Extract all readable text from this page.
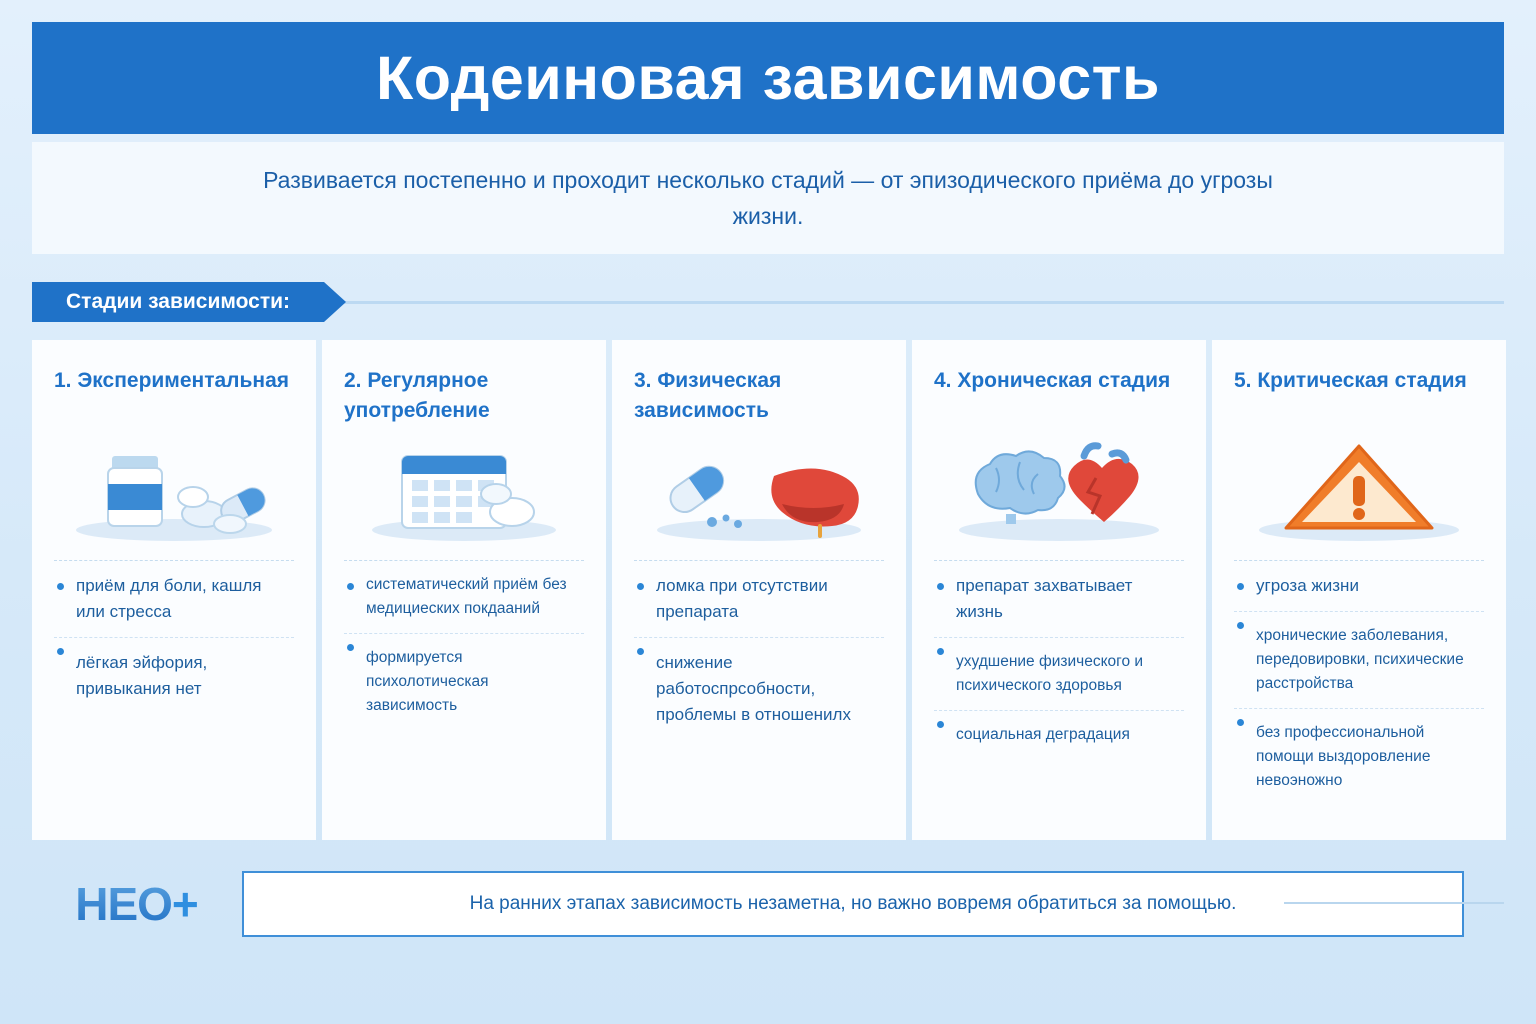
Кодеиновая зависимость
Развивается постепенно и проходит несколько стадий — от эпизодического приёма до угрозы жизни.
Стадии зависимости:
1. Экспериментальная
приём для боли, кашля или стресса
лёгкая эйфория, привыкания нет
2. Регулярное употребление
систематический приём без медициеских покдааний
формируется психолотическая зависимость
3. Физическая зависимость
ломка при отсутствии препарата
снижение работоспрсобности, проблемы в отношенилх
4. Хроническая стадия
препарат захватывает жизнь
ухудшение физического и психического здоровья
социальная деградация
5. Критическая стадия
угроза жизни
хронические заболевания, передовировки, психические расстройства
без профессиональной помощи выздоровление невоэножно
HEO +	На ранних этапах зависимость незаметна, но важно вовремя обратиться за помощью.
